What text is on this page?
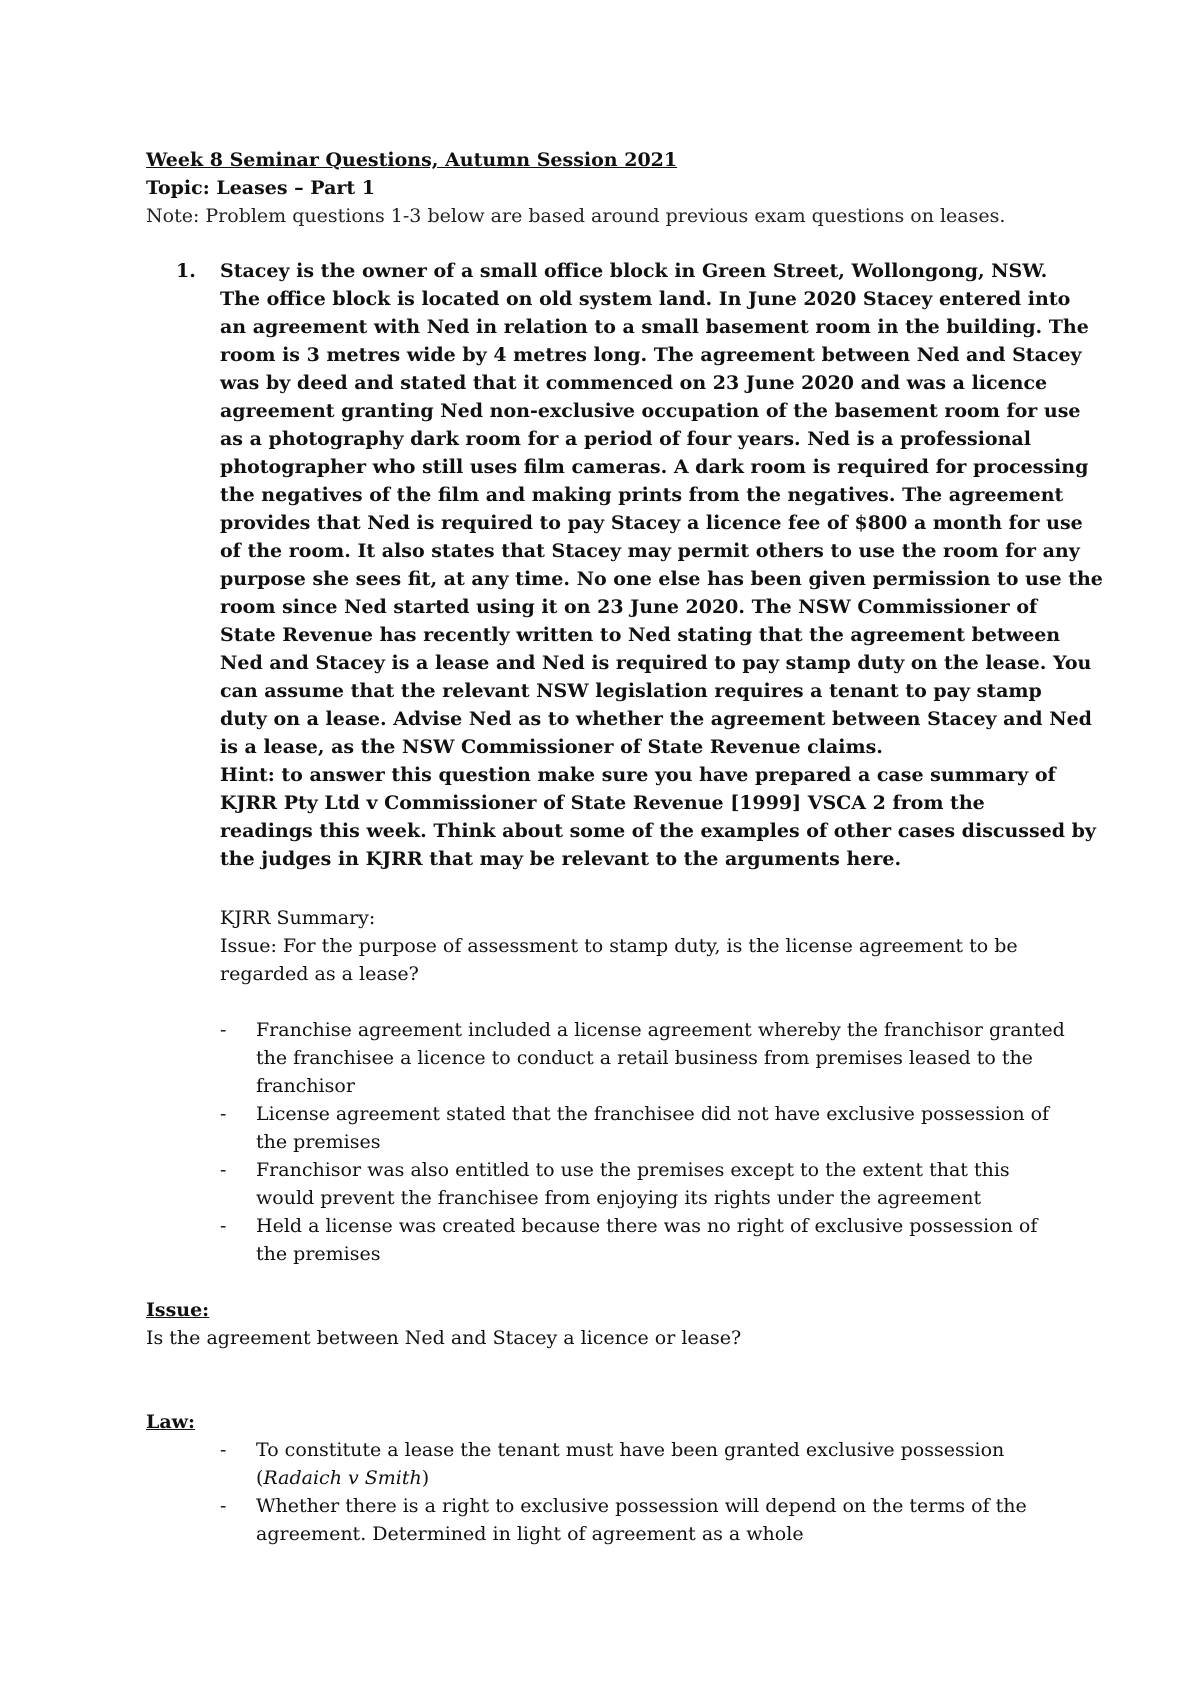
Week 8 Seminar Questions, Autumn Session 2021
Topic: Leases – Part 1
Note: Problem questions 1-3 below are based around previous exam questions on leases.
1. Stacey is the owner of a small office block in Green Street, Wollongong, NSW.
The office block is located on old system land. In June 2020 Stacey entered into
an agreement with Ned in relation to a small basement room in the building. The
room is 3 metres wide by 4 metres long. The agreement between Ned and Stacey
was by deed and stated that it commenced on 23 June 2020 and was a licence
agreement granting Ned non-exclusive occupation of the basement room for use
as a photography dark room for a period of four years. Ned is a professional
photographer who still uses film cameras. A dark room is required for processing
the negatives of the film and making prints from the negatives. The agreement
provides that Ned is required to pay Stacey a licence fee of $800 a month for use
of the room. It also states that Stacey may permit others to use the room for any
purpose she sees fit, at any time. No one else has been given permission to use the
room since Ned started using it on 23 June 2020. The NSW Commissioner of
State Revenue has recently written to Ned stating that the agreement between
Ned and Stacey is a lease and Ned is required to pay stamp duty on the lease. You
can assume that the relevant NSW legislation requires a tenant to pay stamp
duty on a lease. Advise Ned as to whether the agreement between Stacey and Ned
is a lease, as the NSW Commissioner of State Revenue claims.
Hint: to answer this question make sure you have prepared a case summary of
KJRR Pty Ltd v Commissioner of State Revenue [1999] VSCA 2 from the
readings this week. Think about some of the examples of other cases discussed by
the judges in KJRR that may be relevant to the arguments here.
KJRR Summary:
Issue: For the purpose of assessment to stamp duty, is the license agreement to be
regarded as a lease?
- Franchise agreement included a license agreement whereby the franchisor granted
the franchisee a licence to conduct a retail business from premises leased to the
franchisor
- License agreement stated that the franchisee did not have exclusive possession of
the premises
- Franchisor was also entitled to use the premises except to the extent that this
would prevent the franchisee from enjoying its rights under the agreement
- Held a license was created because there was no right of exclusive possession of
the premises
Issue:
Is the agreement between Ned and Stacey a licence or lease?
Law:
- To constitute a lease the tenant must have been granted exclusive possession
(Radaich v Smith)
- Whether there is a right to exclusive possession will depend on the terms of the
agreement. Determined in light of agreement as a whole
